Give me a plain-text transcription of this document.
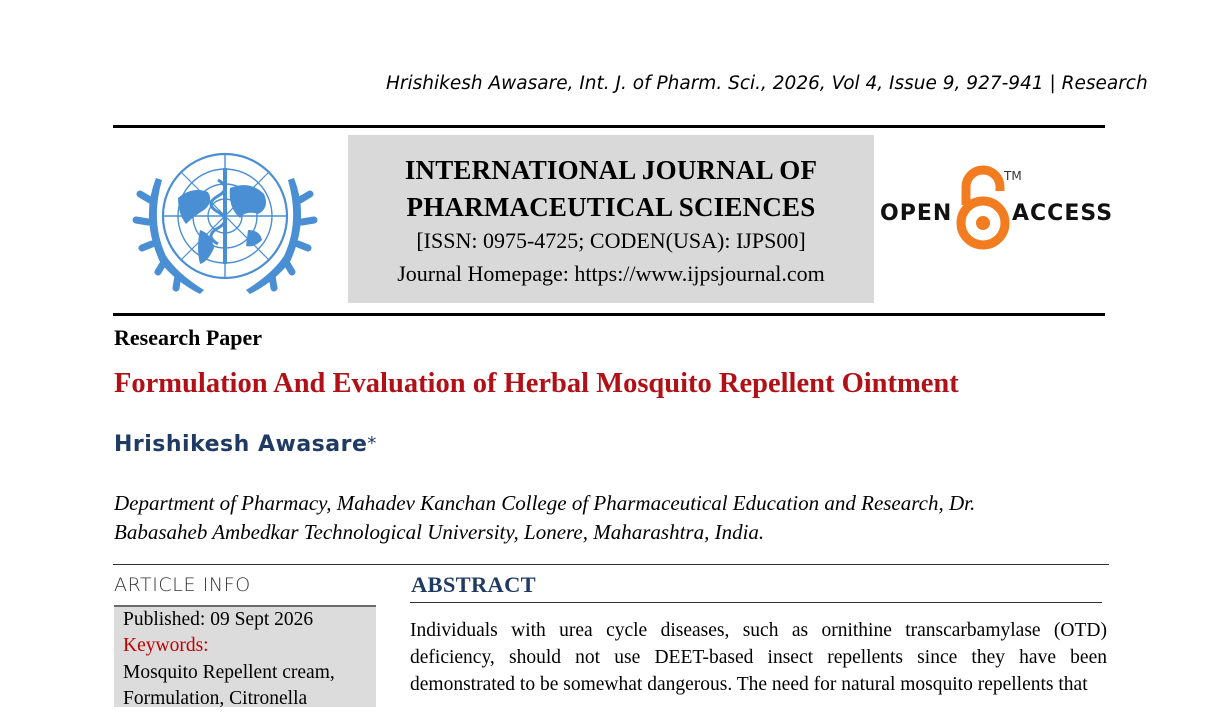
Hrishikesh Awasare, Int. J. of Pharm. Sci., 2026, Vol 4, Issue 9, 927-941 | Research
INTERNATIONAL JOURNAL OF
PHARMACEUTICAL SCIENCES
[ISSN: 0975-4725; CODEN(USA): IJPS00]
Journal Homepage: https://www.ijpsjournal.com
OPEN
TM
ACCESS
Research Paper
Formulation And Evaluation of Herbal Mosquito Repellent Ointment
Hrishikesh Awasare*
Department of Pharmacy, Mahadev Kanchan College of Pharmaceutical Education and Research, Dr.
Babasaheb Ambedkar Technological University, Lonere, Maharashtra, India.
ARTICLE INFO
Published: 09 Sept 2026
Keywords:
Mosquito Repellent cream,
Formulation, Citronella
ABSTRACT
Individuals with urea cycle diseases, such as ornithine transcarbamylase (OTD) deficiency, should not use DEET-based insect repellents since they have been demonstrated to be somewhat dangerous. The need for natural mosquito repellents that
